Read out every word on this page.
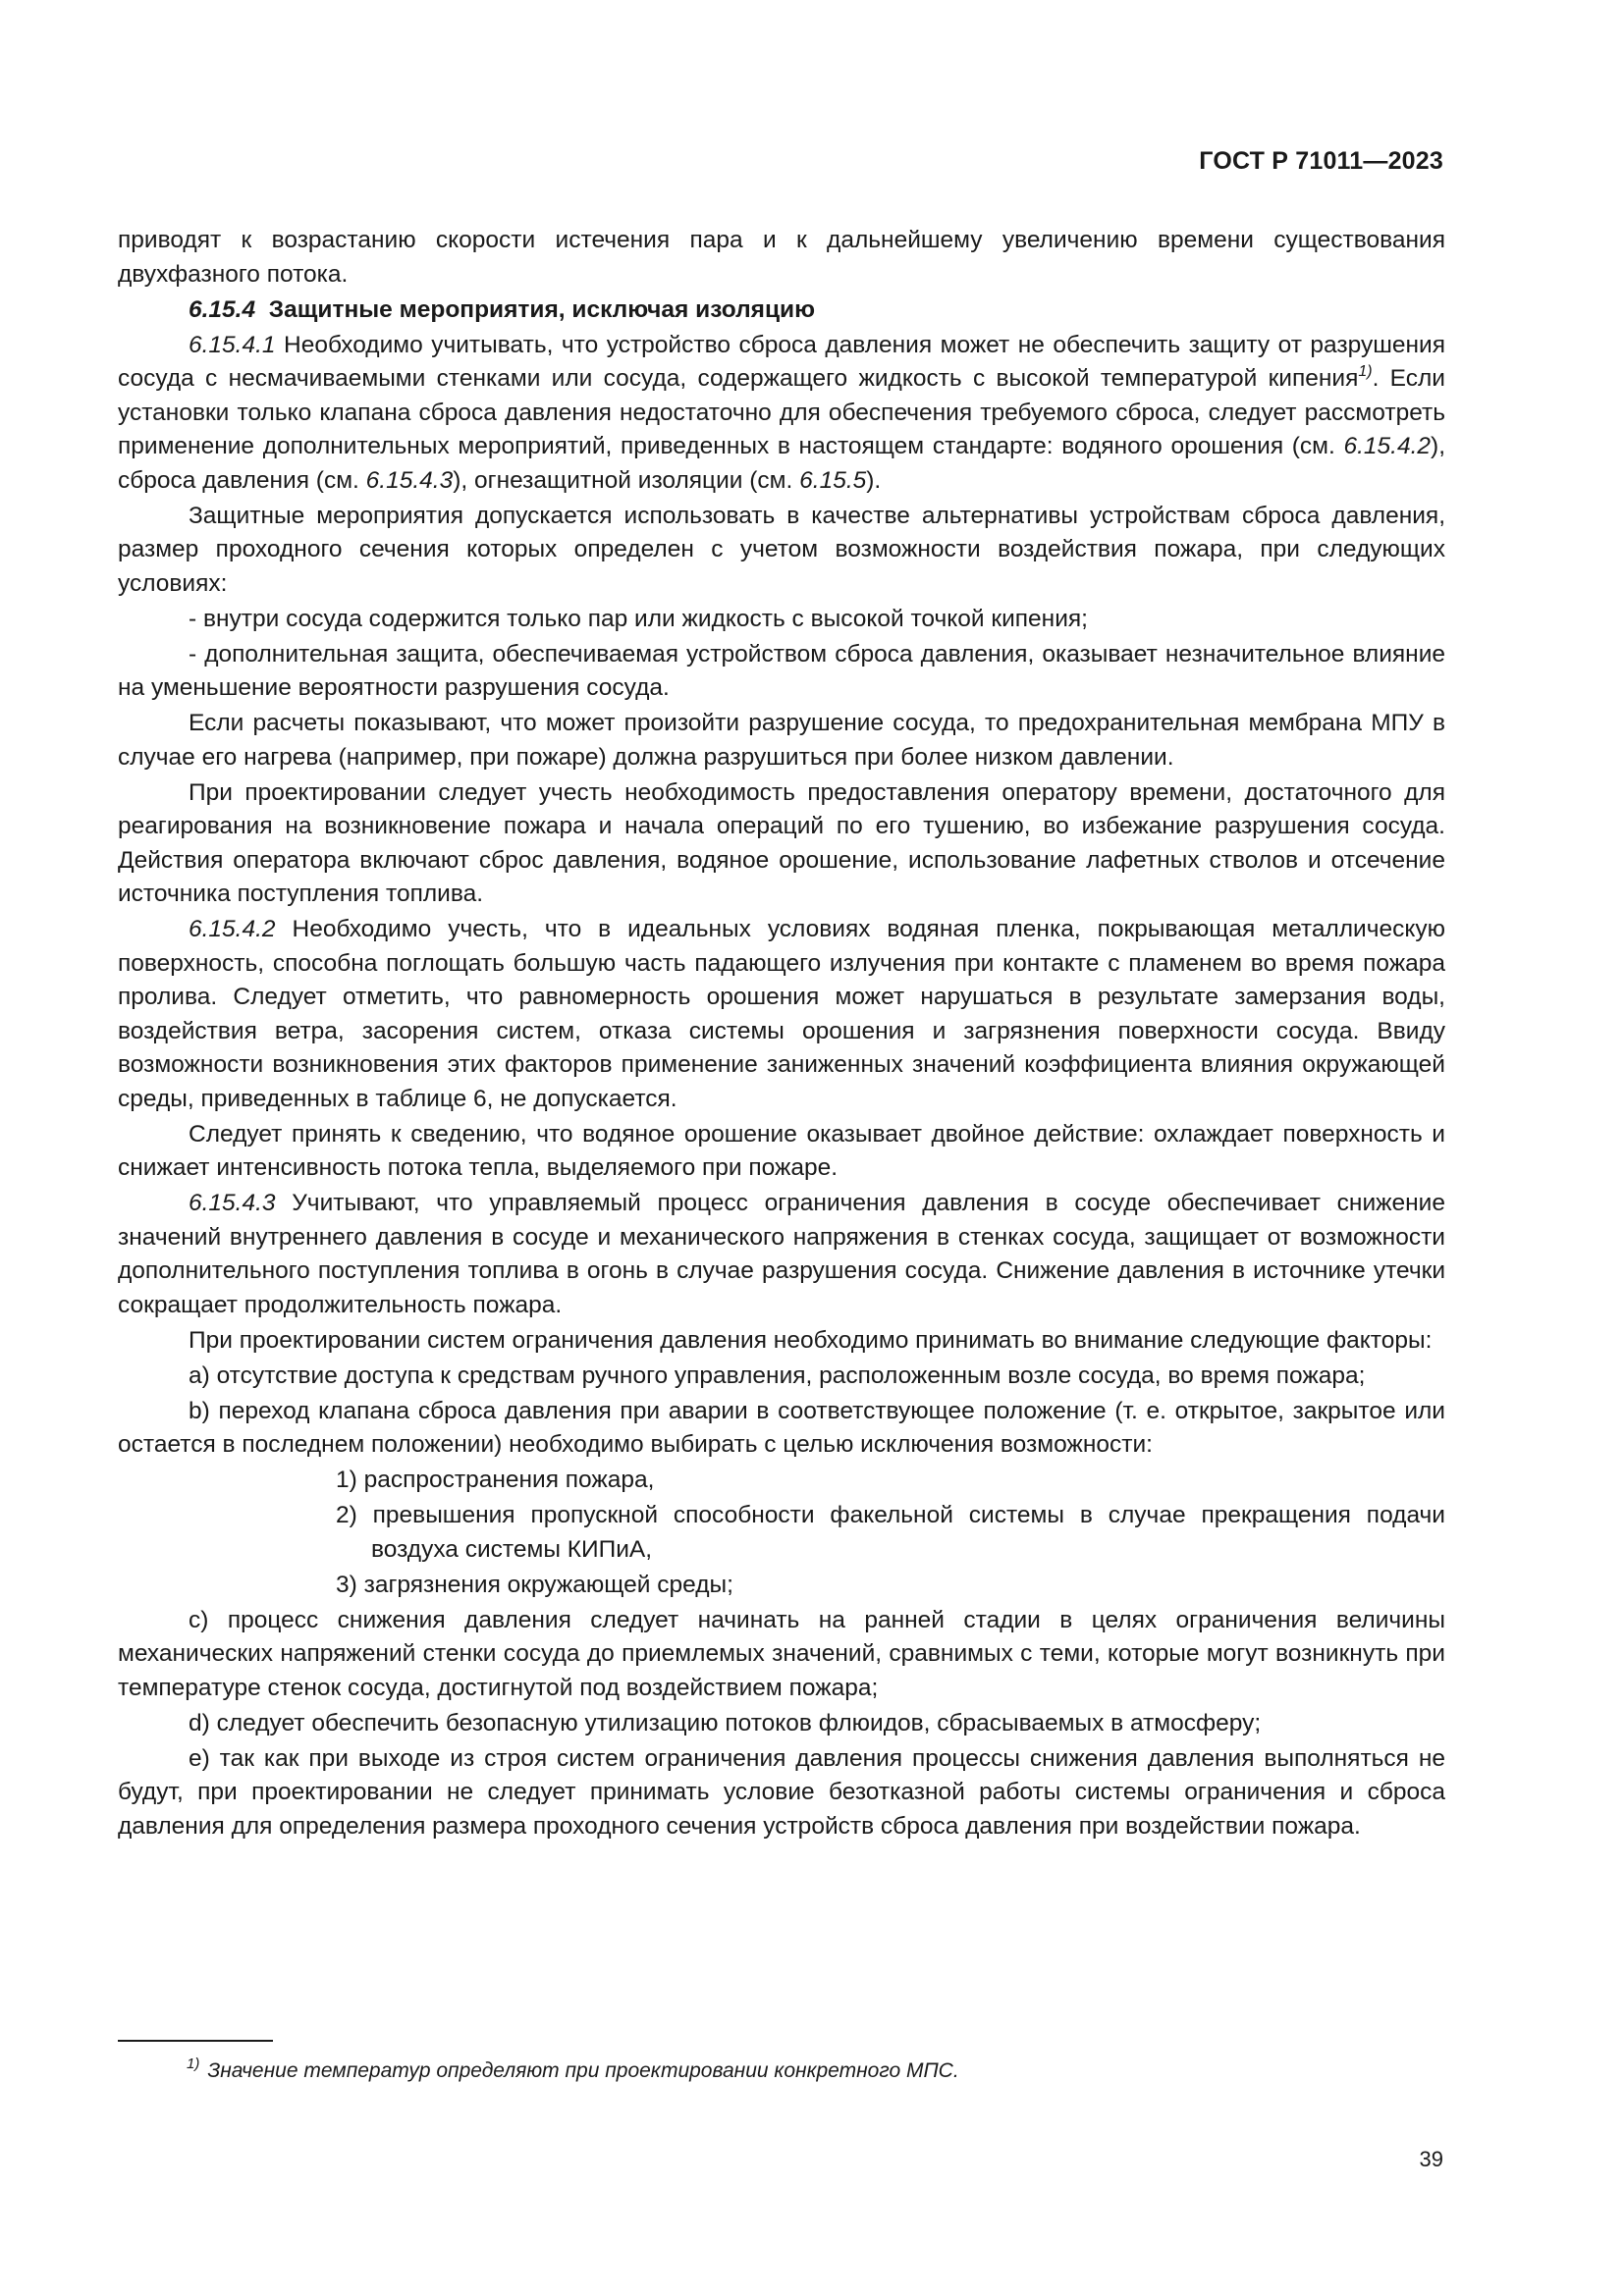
ГОСТ Р 71011—2023

приводят к возрастанию скорости истечения пара и к дальнейшему увеличению времени существования двухфазного потока.

6.15.4 Защитные мероприятия, исключая изоляцию

6.15.4.1 Необходимо учитывать, что устройство сброса давления может не обеспечить защиту от разрушения сосуда с несмачиваемыми стенками или сосуда, содержащего жидкость с высокой температурой кипения$^{1)}$. Если установки только клапана сброса давления недостаточно для обеспечения требуемого сброса, следует рассмотреть применение дополнительных мероприятий, приведенных в настоящем стандарте: водяного орошения (см. 6.15.4.2), сброса давления (см. 6.15.4.3), огнезащитной изоляции (см. 6.15.5).

Защитные мероприятия допускается использовать в качестве альтернативы устройствам сброса давления, размер проходного сечения которых определен с учетом возможности воздействия пожара, при следующих условиях:

- внутри сосуда содержится только пар или жидкость с высокой точкой кипения;

- дополнительная защита, обеспечиваемая устройством сброса давления, оказывает незначительное влияние на уменьшение вероятности разрушения сосуда.

Если расчеты показывают, что может произойти разрушение сосуда, то предохранительная мембрана МПУ в случае его нагрева (например, при пожаре) должна разрушиться при более низком давлении.

При проектировании следует учесть необходимость предоставления оператору времени, достаточного для реагирования на возникновение пожара и начала операций по его тушению, во избежание разрушения сосуда. Действия оператора включают сброс давления, водяное орошение, использование лафетных стволов и отсечение источника поступления топлива.

6.15.4.2 Необходимо учесть, что в идеальных условиях водяная пленка, покрывающая металлическую поверхность, способна поглощать большую часть падающего излучения при контакте с пламенем во время пожара пролива. Следует отметить, что равномерность орошения может нарушаться в результате замерзания воды, воздействия ветра, засорения систем, отказа системы орошения и загрязнения поверхности сосуда. Ввиду возможности возникновения этих факторов применение заниженных значений коэффициента влияния окружающей среды, приведенных в таблице 6, не допускается.

Следует принять к сведению, что водяное орошение оказывает двойное действие: охлаждает поверхность и снижает интенсивность потока тепла, выделяемого при пожаре.

6.15.4.3 Учитывают, что управляемый процесс ограничения давления в сосуде обеспечивает снижение значений внутреннего давления в сосуде и механического напряжения в стенках сосуда, защищает от возможности дополнительного поступления топлива в огонь в случае разрушения сосуда. Снижение давления в источнике утечки сокращает продолжительность пожара.

При проектировании систем ограничения давления необходимо принимать во внимание следующие факторы:

a) отсутствие доступа к средствам ручного управления, расположенным возле сосуда, во время пожара;

b) переход клапана сброса давления при аварии в соответствующее положение (т. е. открытое, закрытое или остается в последнем положении) необходимо выбирать с целью исключения возможности:

1) распространения пожара,
2) превышения пропускной способности факельной системы в случае прекращения подачи воздуха системы КИПиА,
3) загрязнения окружающей среды;

c) процесс снижения давления следует начинать на ранней стадии в целях ограничения величины механических напряжений стенки сосуда до приемлемых значений, сравнимых с теми, которые могут возникнуть при температуре стенок сосуда, достигнутой под воздействием пожара;

d) следует обеспечить безопасную утилизацию потоков флюидов, сбрасываемых в атмосферу;

e) так как при выходе из строя систем ограничения давления процессы снижения давления выполняться не будут, при проектировании не следует принимать условие безотказной работы системы ограничения и сброса давления для определения размера проходного сечения устройств сброса давления при воздействии пожара.

$^{1)}$ Значение температур определяют при проектировании конкретного МПС.
39
